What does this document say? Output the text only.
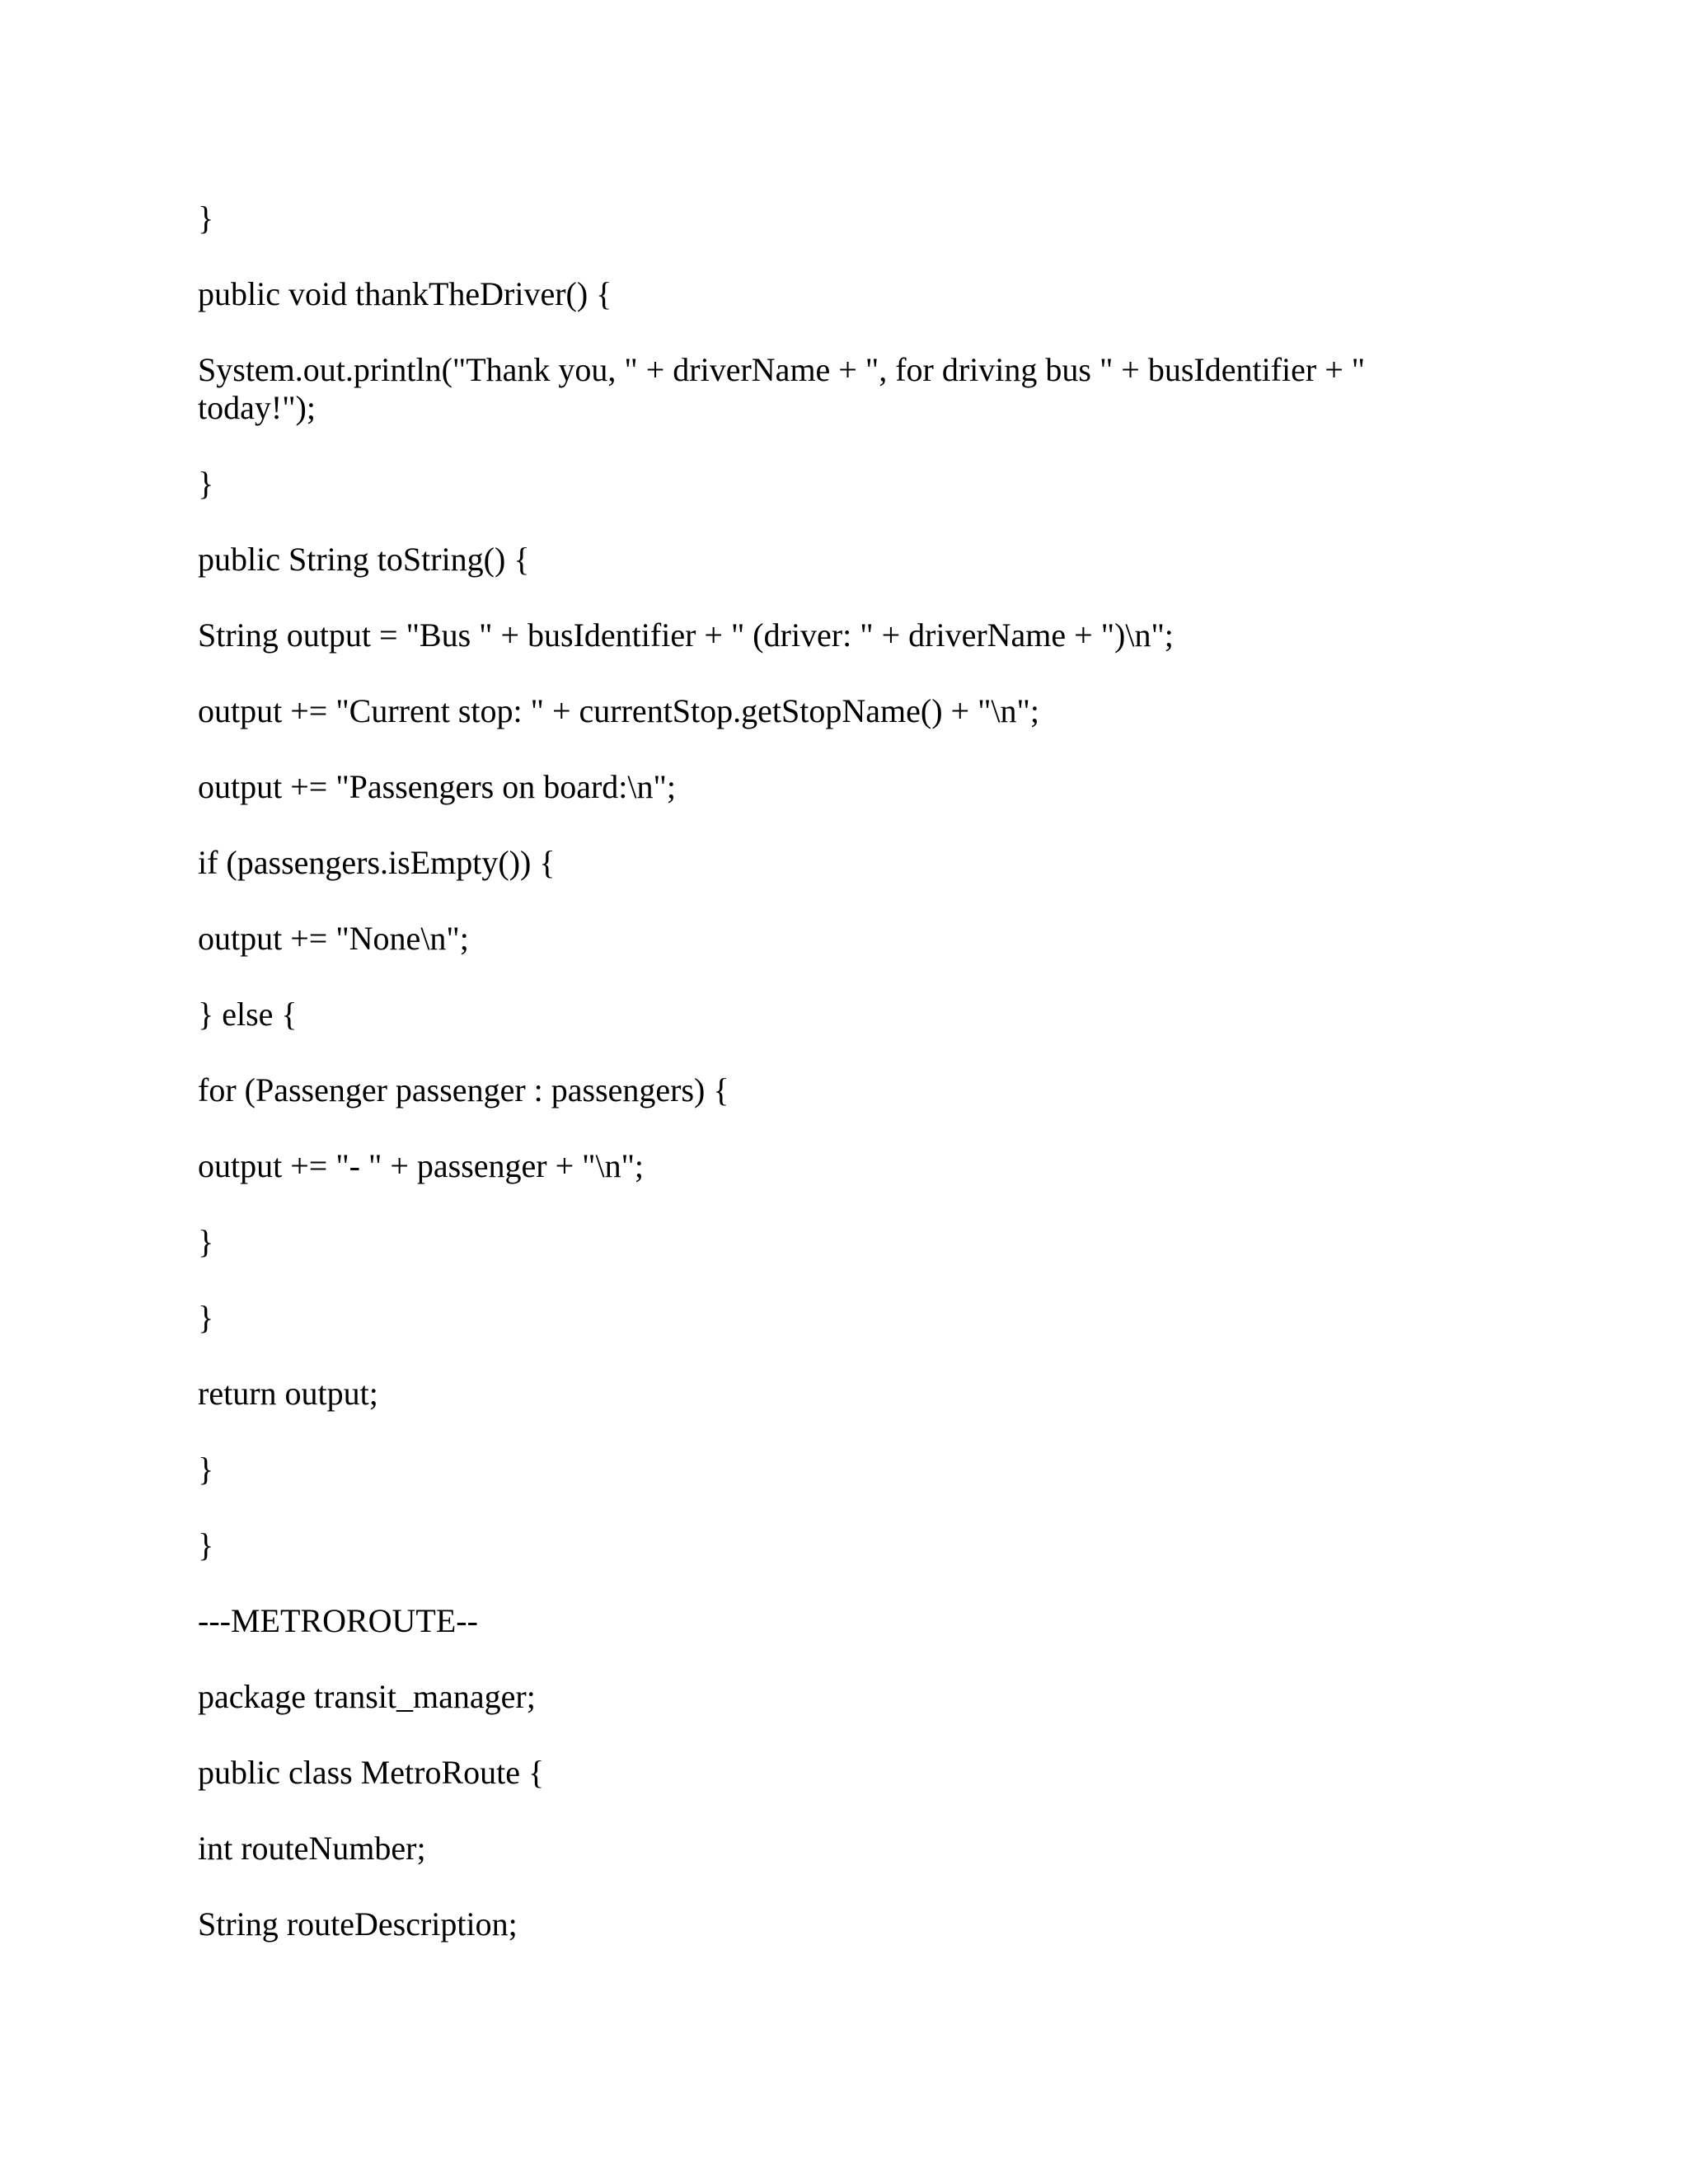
}

public void thankTheDriver() {

System.out.println("Thank you, " + driverName + ", for driving bus " + busIdentifier + " today!");

}

public String toString() {

String output = "Bus " + busIdentifier + " (driver: " + driverName + ")\n";

output += "Current stop: " + currentStop.getStopName() + "\n";

output += "Passengers on board:\n";

if (passengers.isEmpty()) {

output += "None\n";

} else {

for (Passenger passenger : passengers) {

output += "- " + passenger + "\n";

}

}

return output;

}

}

---METROROUTE--

package transit_manager;

public class MetroRoute {

int routeNumber;

String routeDescription;
